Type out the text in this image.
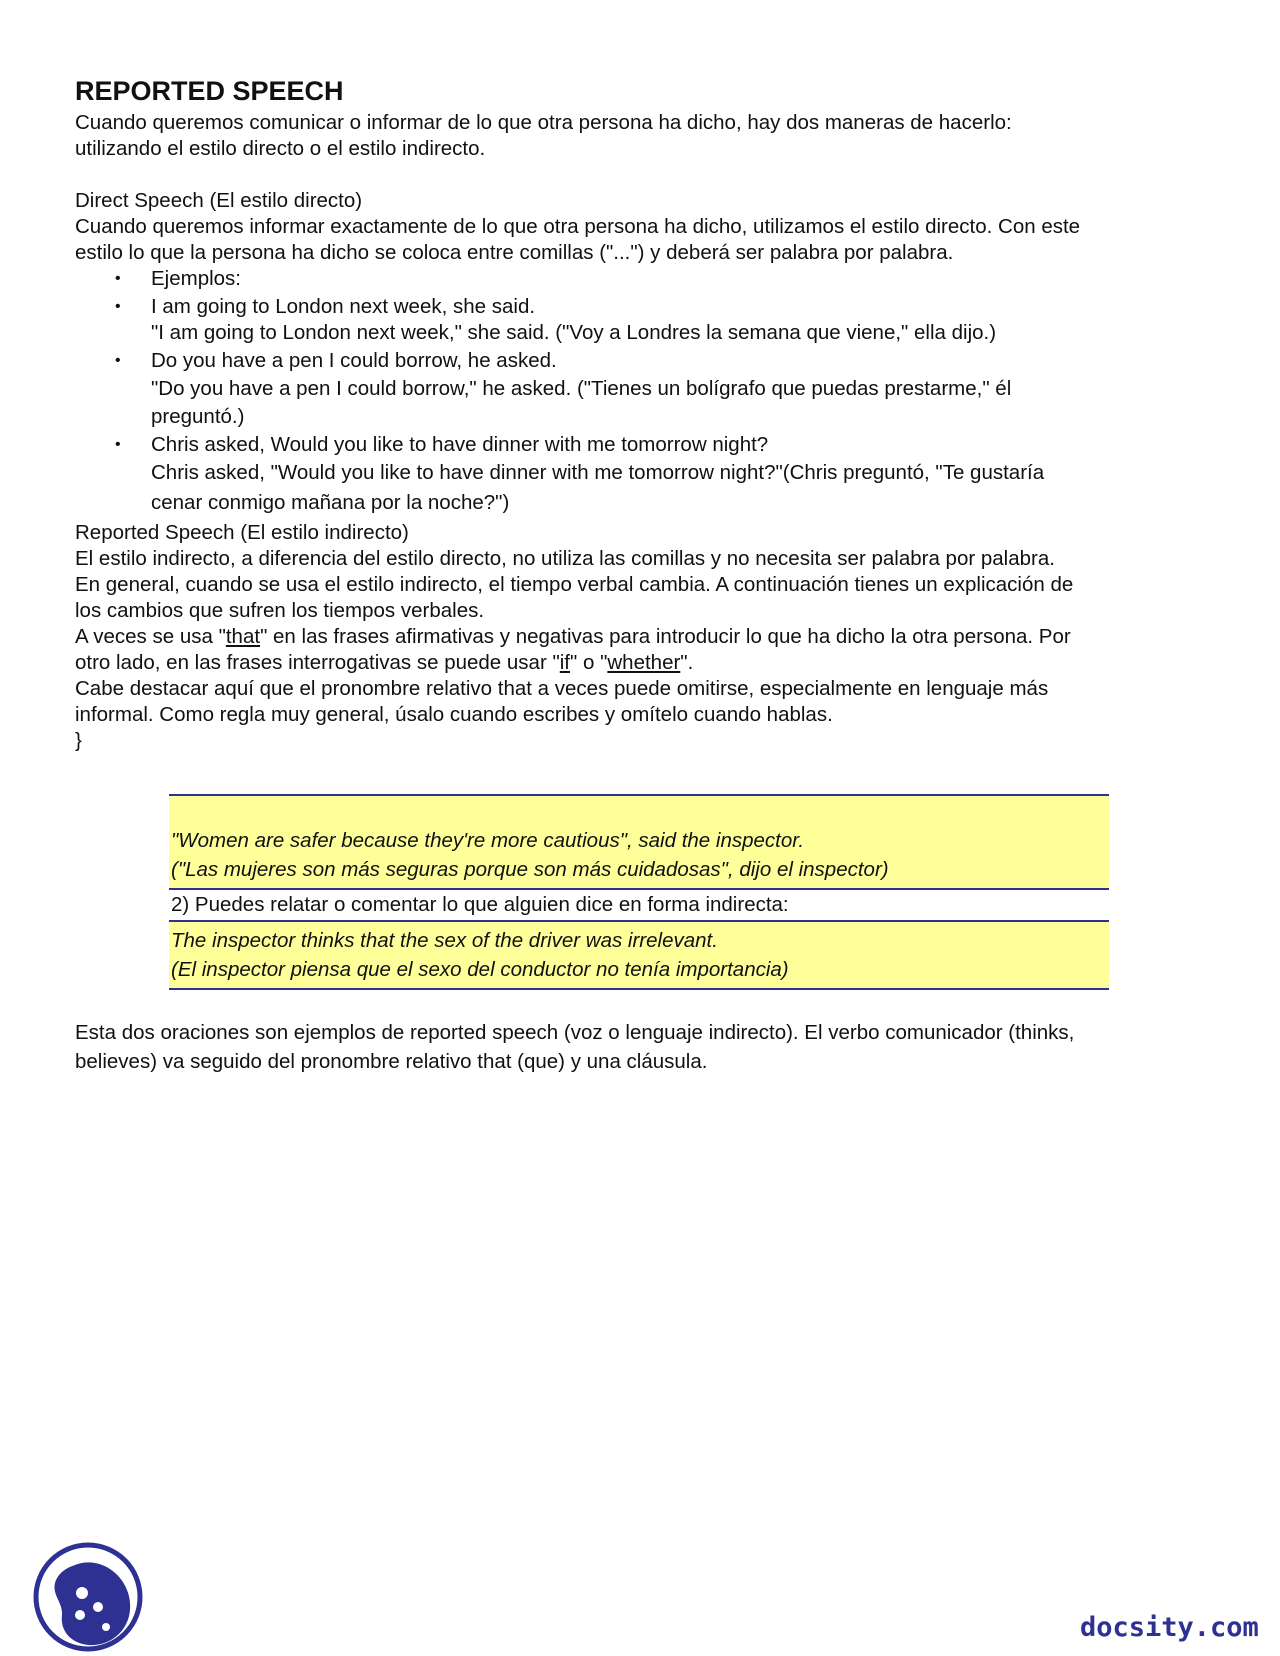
REPORTED SPEECH

Cuando queremos comunicar o informar de lo que otra persona ha dicho, hay dos maneras de hacerlo:

utilizando el estilo directo o el estilo indirecto.

Direct Speech (El estilo directo)

Cuando queremos informar exactamente de lo que otra persona ha dicho, utilizamos el estilo directo. Con este

estilo lo que la persona ha dicho se coloca entre comillas ("...") y deberá ser palabra por palabra.

• Ejemplos:
• I am going to London next week, she said.
"I am going to London next week," she said. ("Voy a Londres la semana que viene," ella dijo.)
• Do you have a pen I could borrow, he asked.
"Do you have a pen I could borrow," he asked. ("Tienes un bolígrafo que puedas prestarme," él
preguntó.)
• Chris asked, Would you like to have dinner with me tomorrow night?
Chris asked, "Would you like to have dinner with me tomorrow night?"(Chris preguntó, "Te gustaría
cenar conmigo mañana por la noche?")

Reported Speech (El estilo indirecto)

El estilo indirecto, a diferencia del estilo directo, no utiliza las comillas y no necesita ser palabra por palabra.

En general, cuando se usa el estilo indirecto, el tiempo verbal cambia. A continuación tienes un explicación de

los cambios que sufren los tiempos verbales.

A veces se usa "that" en las frases afirmativas y negativas para introducir lo que ha dicho la otra persona. Por

otro lado, en las frases interrogativas se puede usar "if" o "whether".

Cabe destacar aquí que el pronombre relativo that a veces puede omitirse, especialmente en lenguaje más

informal. Como regla muy general, úsalo cuando escribes y omítelo cuando hablas.

}

"Women are safer because they're more cautious", said the inspector.
("Las mujeres son más seguras porque son más cuidadosas", dijo el inspector)
2) Puedes relatar o comentar lo que alguien dice en forma indirecta:
The inspector thinks that the sex of the driver was irrelevant.
(El inspector piensa que el sexo del conductor no tenía importancia)

Esta dos oraciones son ejemplos de reported speech (voz o lenguaje indirecto). El verbo comunicador (thinks,

believes) va seguido del pronombre relativo that (que) y una cláusula.

docsity.com
